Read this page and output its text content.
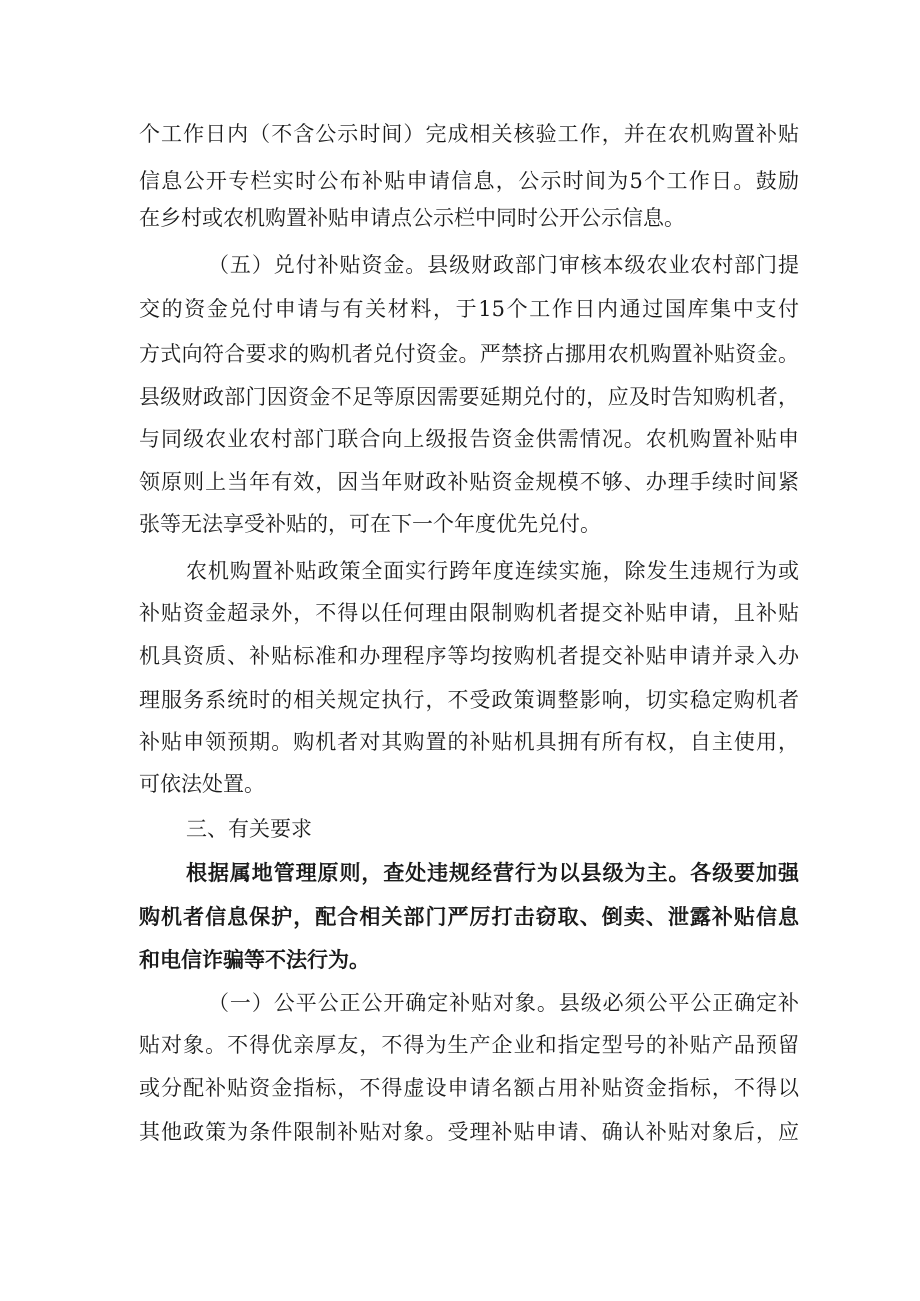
个工作日内（不含公示时间）完成相关核验工作，并在农机购置补贴
信息公开专栏实时公布补贴申请信息，公示时间为5个工作日。鼓励
在乡村或农机购置补贴申请点公示栏中同时公开公示信息。
（五）兑付补贴资金。县级财政部门审核本级农业农村部门提
交的资金兑付申请与有关材料，于15个工作日内通过国库集中支付
方式向符合要求的购机者兑付资金。严禁挤占挪用农机购置补贴资金。
县级财政部门因资金不足等原因需要延期兑付的，应及时告知购机者，
与同级农业农村部门联合向上级报告资金供需情况。农机购置补贴申
领原则上当年有效，因当年财政补贴资金规模不够、办理手续时间紧
张等无法享受补贴的，可在下一个年度优先兑付。
农机购置补贴政策全面实行跨年度连续实施，除发生违规行为或
补贴资金超录外，不得以任何理由限制购机者提交补贴申请，且补贴
机具资质、补贴标准和办理程序等均按购机者提交补贴申请并录入办
理服务系统时的相关规定执行，不受政策调整影响，切实稳定购机者
补贴申领预期。购机者对其购置的补贴机具拥有所有权，自主使用，
可依法处置。
三、有关要求
根据属地管理原则，查处违规经营行为以县级为主。各级要加强
购机者信息保护，配合相关部门严厉打击窃取、倒卖、泄露补贴信息
和电信诈骗等不法行为。
（一）公平公正公开确定补贴对象。县级必须公平公正确定补
贴对象。不得优亲厚友，不得为生产企业和指定型号的补贴产品预留
或分配补贴资金指标，不得虚设申请名额占用补贴资金指标，不得以
其他政策为条件限制补贴对象。受理补贴申请、确认补贴对象后，应
